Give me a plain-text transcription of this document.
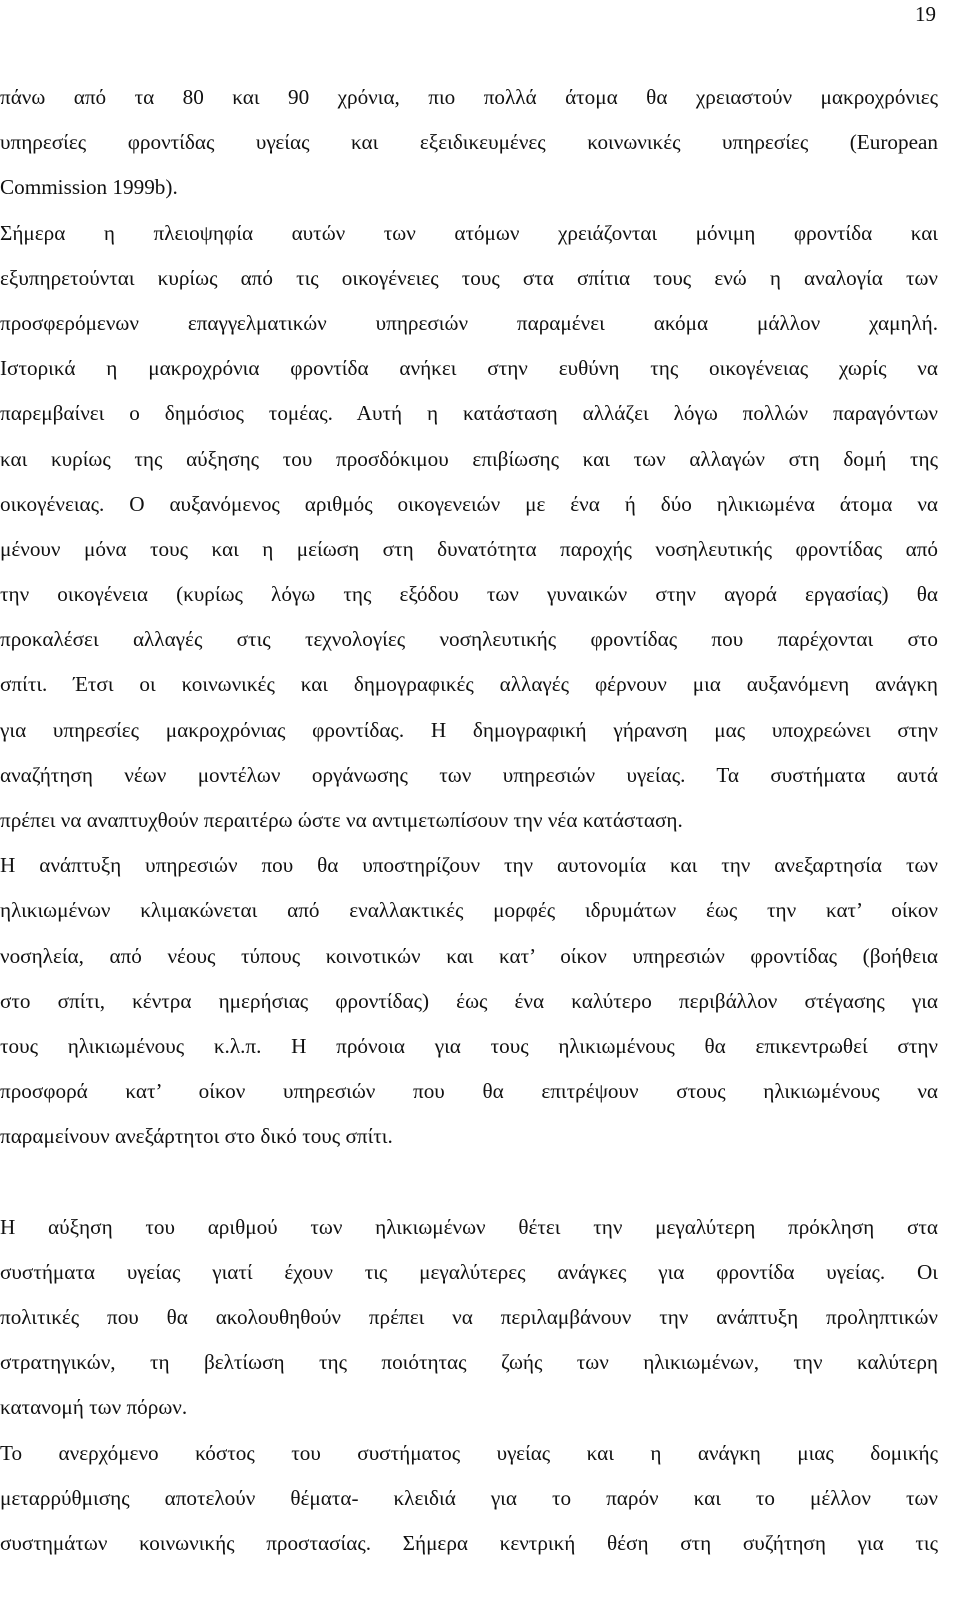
19
πάνω από τα 80 και 90 χρόνια, πιο πολλά άτομα θα χρειαστούν μακροχρόνιες
υπηρεσίες φροντίδας υγείας και εξειδικευμένες κοινωνικές υπηρεσίες (European
Commission 1999b).
Σήμερα η πλειοψηφία αυτών των ατόμων χρειάζονται μόνιμη φροντίδα και
εξυπηρετούνται κυρίως από τις οικογένειες τους στα σπίτια τους ενώ η αναλογία των
προσφερόμενων επαγγελματικών υπηρεσιών παραμένει ακόμα μάλλον χαμηλή.
Ιστορικά η μακροχρόνια φροντίδα ανήκει στην ευθύνη της οικογένειας χωρίς να
παρεμβαίνει ο δημόσιος τομέας. Αυτή η κατάσταση αλλάζει λόγω πολλών παραγόντων
και κυρίως της αύξησης του προσδόκιμου επιβίωσης και των αλλαγών στη δομή της
οικογένειας. Ο αυξανόμενος αριθμός οικογενειών με ένα ή δύο ηλικιωμένα άτομα να
μένουν μόνα τους και η μείωση στη δυνατότητα παροχής νοσηλευτικής φροντίδας από
την οικογένεια (κυρίως λόγω της εξόδου των γυναικών στην αγορά εργασίας) θα
προκαλέσει αλλαγές στις τεχνολογίες νοσηλευτικής φροντίδας που παρέχονται στο
σπίτι. Έτσι οι κοινωνικές και δημογραφικές αλλαγές φέρνουν μια αυξανόμενη ανάγκη
για υπηρεσίες μακροχρόνιας φροντίδας. Η δημογραφική γήρανση μας υποχρεώνει στην
αναζήτηση νέων μοντέλων οργάνωσης των υπηρεσιών υγείας. Τα συστήματα αυτά
πρέπει να αναπτυχθούν περαιτέρω ώστε να αντιμετωπίσουν την νέα κατάσταση.
Η ανάπτυξη υπηρεσιών που θα υποστηρίζουν την αυτονομία και την ανεξαρτησία των
ηλικιωμένων κλιμακώνεται από εναλλακτικές μορφές ιδρυμάτων έως την κατ’ οίκον
νοσηλεία, από νέους τύπους κοινοτικών και κατ’ οίκον υπηρεσιών φροντίδας (βοήθεια
στο σπίτι, κέντρα ημερήσιας φροντίδας) έως ένα καλύτερο περιβάλλον στέγασης για
τους ηλικιωμένους κ.λ.π. Η πρόνοια για τους ηλικιωμένους θα επικεντρωθεί στην
προσφορά κατ’ οίκον υπηρεσιών που θα επιτρέψουν στους ηλικιωμένους να
παραμείνουν ανεξάρτητοι στο δικό τους σπίτι.
Η αύξηση του αριθμού των ηλικιωμένων θέτει την μεγαλύτερη πρόκληση στα
συστήματα υγείας γιατί έχουν τις μεγαλύτερες ανάγκες για φροντίδα υγείας. Οι
πολιτικές που θα ακολουθηθούν πρέπει να περιλαμβάνουν την ανάπτυξη προληπτικών
στρατηγικών, τη βελτίωση της ποιότητας ζωής των ηλικιωμένων, την καλύτερη
κατανομή των πόρων.
Το ανερχόμενο κόστος του συστήματος υγείας και η ανάγκη μιας δομικής
μεταρρύθμισης αποτελούν θέματα- κλειδιά για το παρόν και το μέλλον των
συστημάτων κοινωνικής προστασίας. Σήμερα κεντρική θέση στη συζήτηση για τις
